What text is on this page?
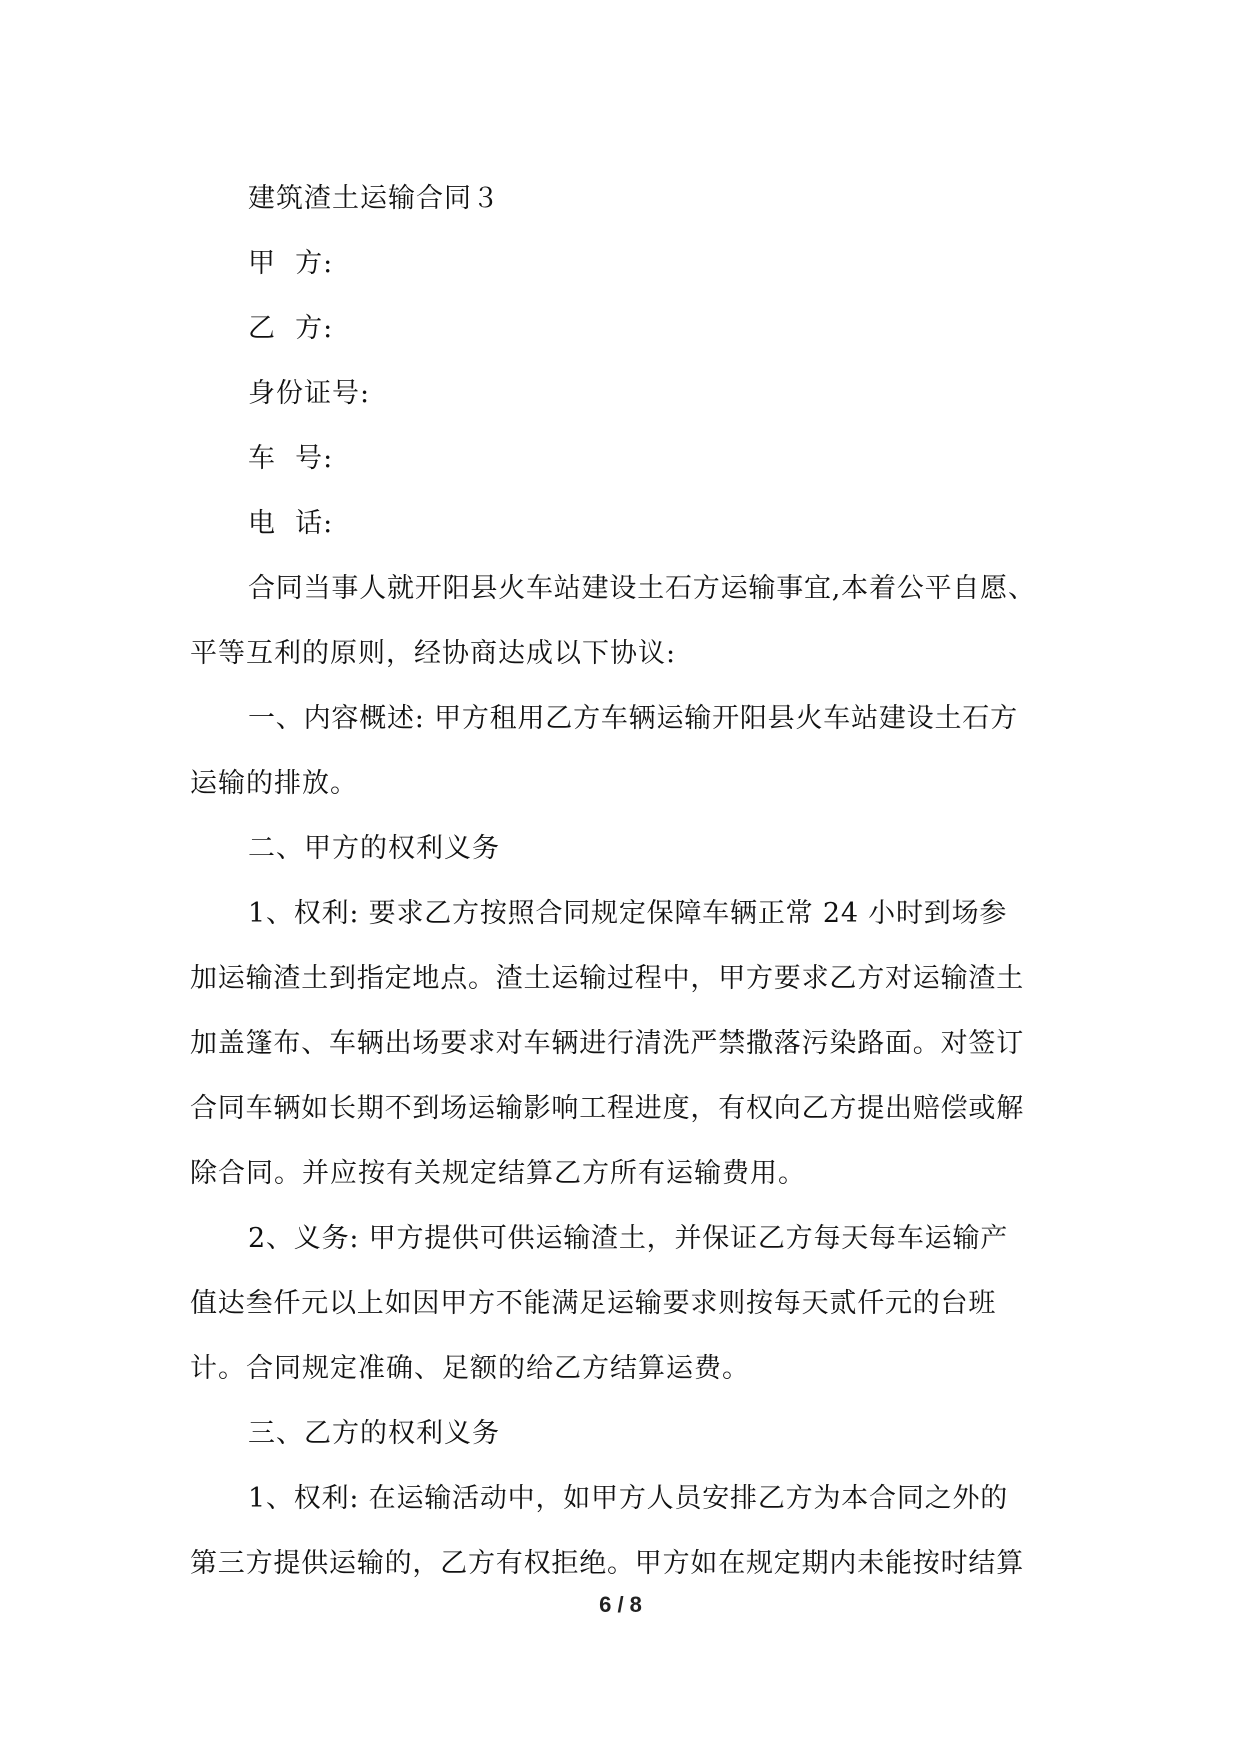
建筑渣土运输合同３
甲  方:
乙  方:
身份证号:
车  号:
电  话:
合同当事人就开阳县火车站建设土石方运输事宜,本着公平自愿、
平等互利的原则，经协商达成以下协议:
一、内容概述: 甲方租用乙方车辆运输开阳县火车站建设土石方
运输的排放。
二、甲方的权利义务
1、权利: 要求乙方按照合同规定保障车辆正常 24 小时到场参
加运输渣土到指定地点。渣土运输过程中，甲方要求乙方对运输渣土
加盖篷布、车辆出场要求对车辆进行清洗严禁撒落污染路面。对签订
合同车辆如长期不到场运输影响工程进度，有权向乙方提出赔偿或解
除合同。并应按有关规定结算乙方所有运输费用。
2、义务: 甲方提供可供运输渣土，并保证乙方每天每车运输产
值达叁仟元以上如因甲方不能满足运输要求则按每天贰仟元的台班
计。合同规定准确、足额的给乙方结算运费。
三、乙方的权利义务
1、权利: 在运输活动中，如甲方人员安排乙方为本合同之外的
第三方提供运输的，乙方有权拒绝。甲方如在规定期内未能按时结算
6 / 8
